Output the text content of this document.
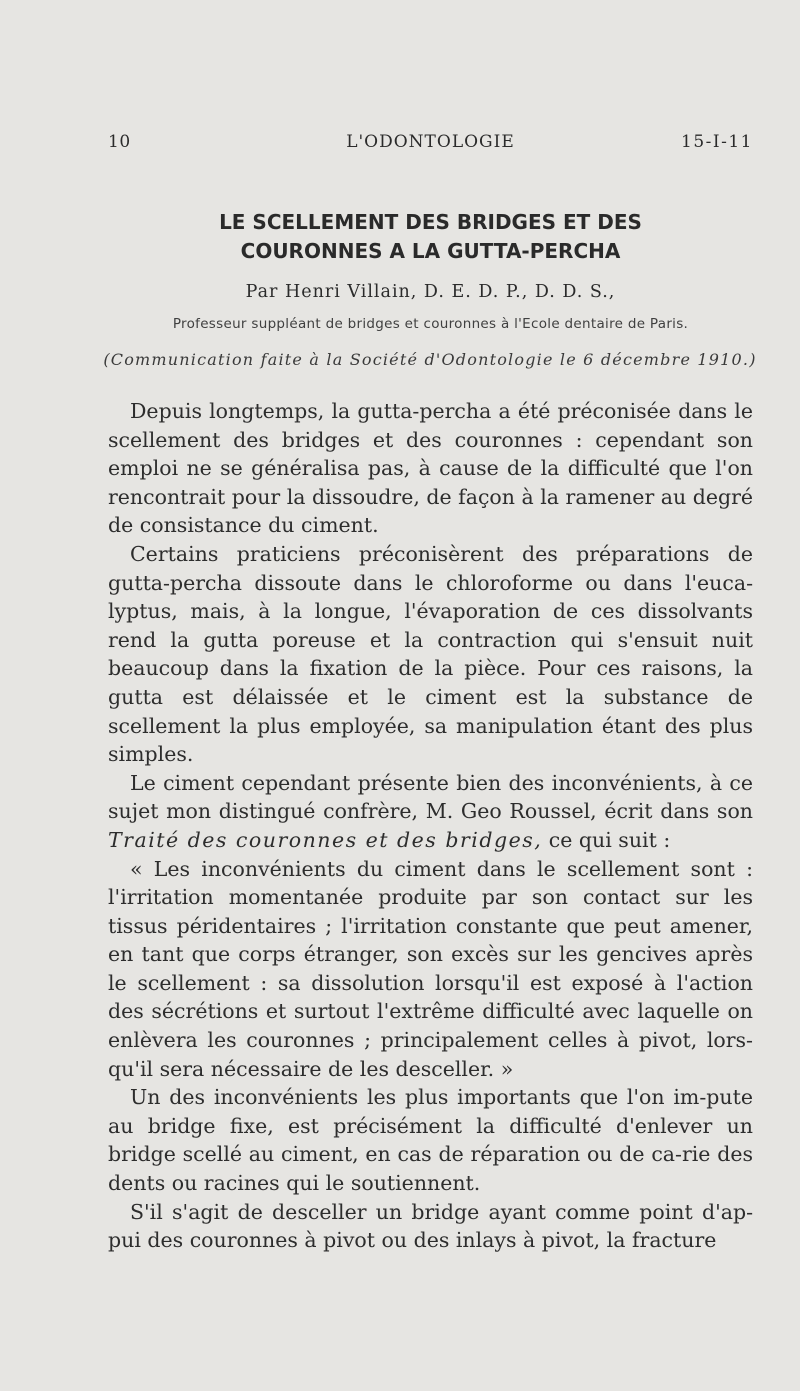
10	L'ODONTOLOGIE	15-I-11
LE SCELLEMENT DES BRIDGES ET DES
COURONNES A LA GUTTA-PERCHA
Par Henri Villain, D. E. D. P., D. D. S.,
Professeur suppléant de bridges et couronnes à l'Ecole dentaire de Paris.
(Communication faite à la Société d'Odontologie le 6 décembre 1910.)

Depuis longtemps, la gutta-percha a été préconisée dans le scellement des bridges et des couronnes : cependant son emploi ne se généralisa pas, à cause de la difficulté que l'on rencontrait pour la dissoudre, de façon à la ramener au degré de consistance du ciment.

Certains praticiens préconisèrent des préparations de gutta-percha dissoute dans le chloroforme ou dans l'euca-lyptus, mais, à la longue, l'évaporation de ces dissolvants rend la gutta poreuse et la contraction qui s'ensuit nuit beaucoup dans la fixation de la pièce. Pour ces raisons, la gutta est délaissée et le ciment est la substance de scellement la plus employée, sa manipulation étant des plus simples.

Le ciment cependant présente bien des inconvénients, à ce sujet mon distingué confrère, M. Geo Roussel, écrit dans son Traité des couronnes et des bridges, ce qui suit :

« Les inconvénients du ciment dans le scellement sont : l'irritation momentanée produite par son contact sur les tissus péridentaires ; l'irritation constante que peut amener, en tant que corps étranger, son excès sur les gencives après le scellement : sa dissolution lorsqu'il est exposé à l'action des sécrétions et surtout l'extrême difficulté avec laquelle on enlèvera les couronnes ; principalement celles à pivot, lors-qu'il sera nécessaire de les desceller. »

Un des inconvénients les plus importants que l'on im-pute au bridge fixe, est précisément la difficulté d'enlever un bridge scellé au ciment, en cas de réparation ou de ca-rie des dents ou racines qui le soutiennent.

S'il s'agit de desceller un bridge ayant comme point d'ap-pui des couronnes à pivot ou des inlays à pivot, la fracture
